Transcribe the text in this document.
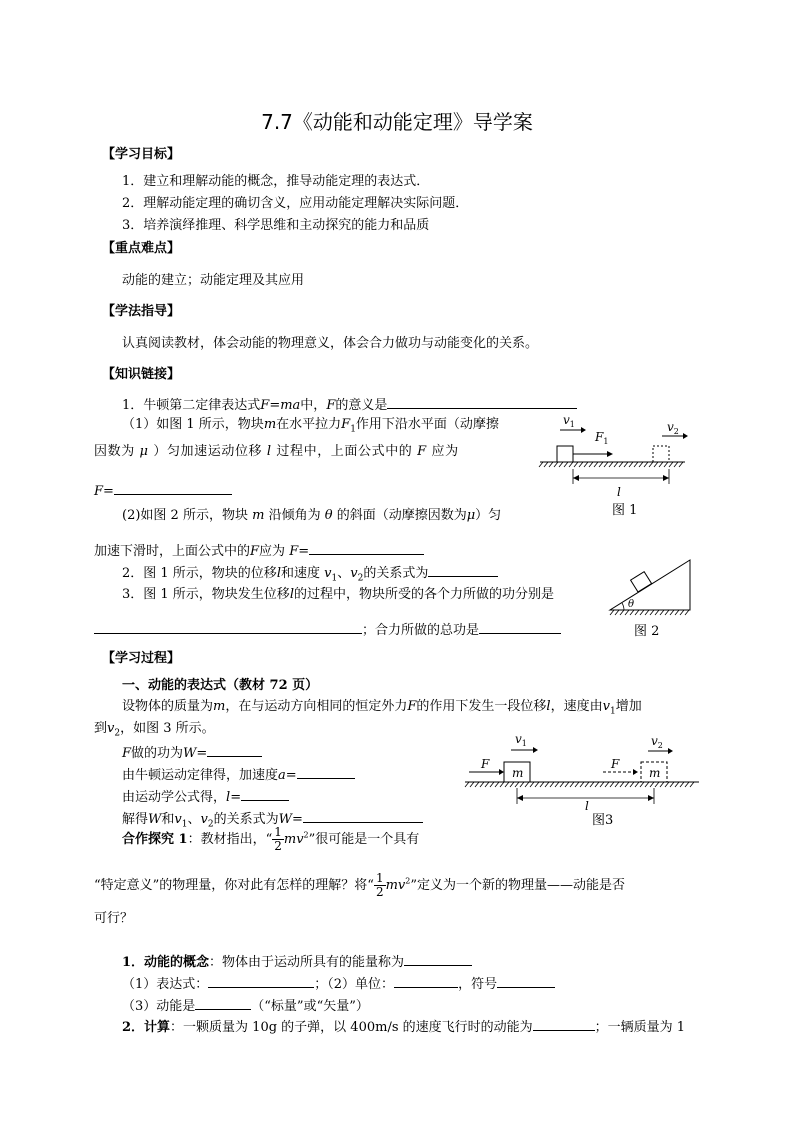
7.7《动能和动能定理》导学案
【学习目标】
1．建立和理解动能的概念，推导动能定理的表达式．
2．理解动能定理的确切含义，应用动能定理解决实际问题．
3．培养演绎推理、科学思维和主动探究的能力和品质
【重点难点】
动能的建立；动能定理及其应用
【学法指导】
认真阅读教材，体会动能的物理意义，体会合力做功与动能变化的关系。
【知识链接】
1．牛顿第二定律表达式F=ma中，F的意义是
（1）如图 1 所示，物块m在水平拉力$F_1$作用下沿水平面（动摩擦
因数为 μ ）匀加速运动位移 l 过程中，上面公式中的 F 应为
F=
(2)如图 2 所示，物块 m 沿倾角为 θ 的斜面（动摩擦因数为μ）匀
加速下滑时，上面公式中的F应为 F=
2．图 1 所示，物块的位移l和速度 $v_1$、$v_2$的关系式为
3．图 1 所示，物块发生位移l的过程中，物块所受的各个力所做的功分别是
；合力所做的总功是
$v_1$	$v_2$
$F_1$
l
图 1
θ
图 2
【学习过程】
一、动能的表达式（教材 72 页）
设物体的质量为m，在与运动方向相同的恒定外力F的作用下发生一段位移l，速度由$v_1$增加
到$v_2$，如图 3 所示。
F做的功为W=
由牛顿运动定律得，加速度a=
由运动学公式得，l=
解得W和$v_1$、$v_2$的关系式为W=
$v_1$	$v_2$
F
m
F
m
l
图3
合作探究 1：教材指出，“ $\frac{1}{2} mv^2$”很可能是一个具有
“特定意义”的物理量，你对此有怎样的理解？将“ $\frac{1}{2} mv^2$”定义为一个新的物理量——动能是否
可行？
1．动能的概念：物体由于运动所具有的能量称为
（1）表达式：	；（2）单位：	，符号
（3）动能是	（“标量”或“矢量”）
2．计算：一颗质量为 10g 的子弹，以 400m/s 的速度飞行时的动能为	；一辆质量为 1
